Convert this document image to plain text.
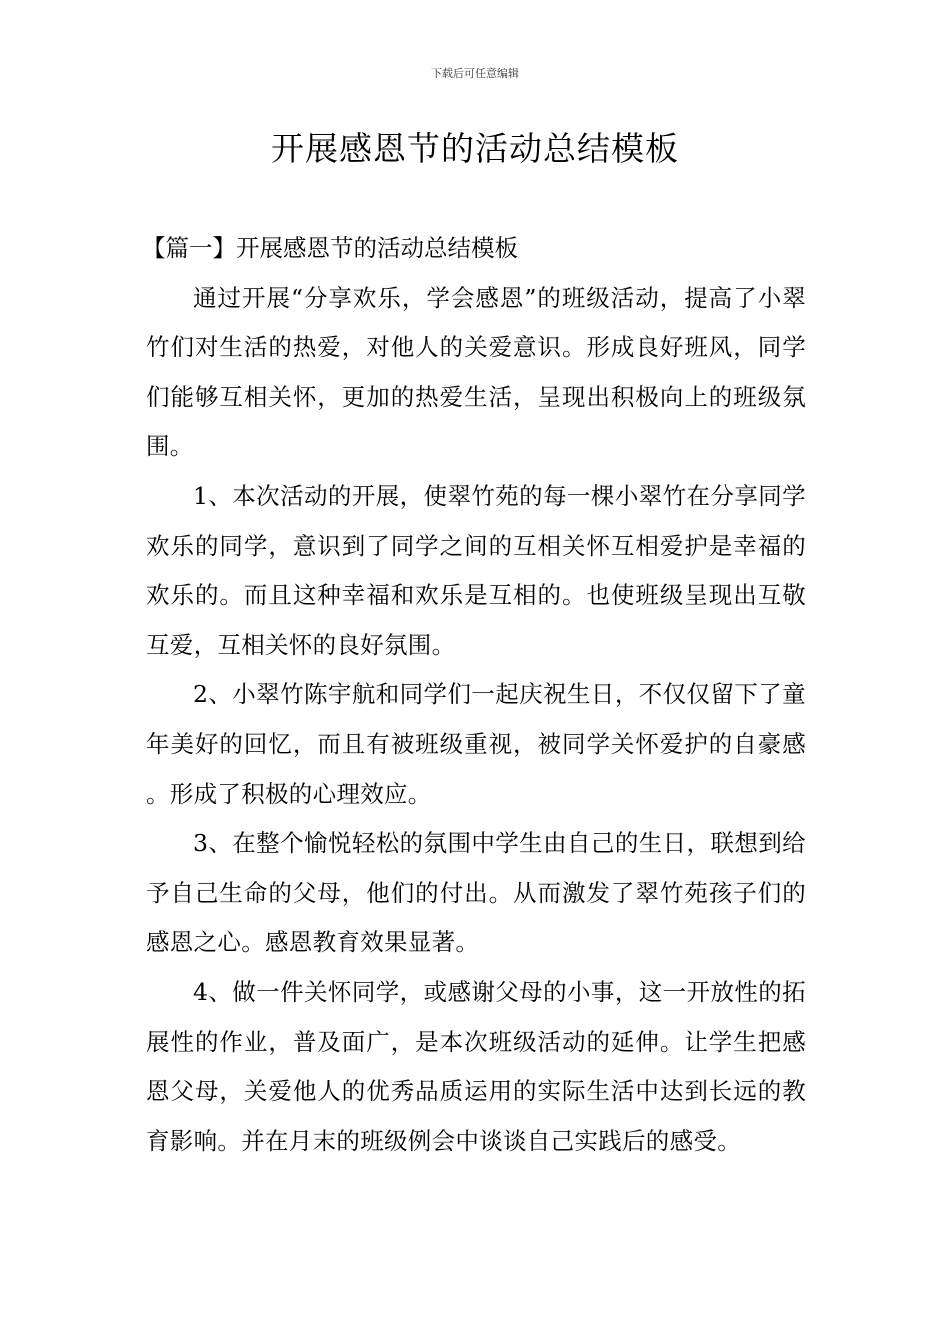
下载后可任意编辑
开展感恩节的活动总结模板
【篇一】开展感恩节的活动总结模板

通过开展“分享欢乐，学会感恩”的班级活动，提高了小翠竹们对生活的热爱，对他人的关爱意识。形成良好班风，同学们能够互相关怀，更加的热爱生活，呈现出积极向上的班级氛围。

1、本次活动的开展，使翠竹苑的每一棵小翠竹在分享同学欢乐的同学，意识到了同学之间的互相关怀互相爱护是幸福的欢乐的。而且这种幸福和欢乐是互相的。也使班级呈现出互敬互爱，互相关怀的良好氛围。

2、小翠竹陈宇航和同学们一起庆祝生日，不仅仅留下了童年美好的回忆，而且有被班级重视，被同学关怀爱护的自豪感。形成了积极的心理效应。

3、在整个愉悦轻松的氛围中学生由自己的生日，联想到给予自己生命的父母，他们的付出。从而激发了翠竹苑孩子们的感恩之心。感恩教育效果显著。

4、做一件关怀同学，或感谢父母的小事，这一开放性的拓展性的作业，普及面广，是本次班级活动的延伸。让学生把感恩父母，关爱他人的优秀品质运用的实际生活中达到长远的教育影响。并在月末的班级例会中谈谈自己实践后的感受。
